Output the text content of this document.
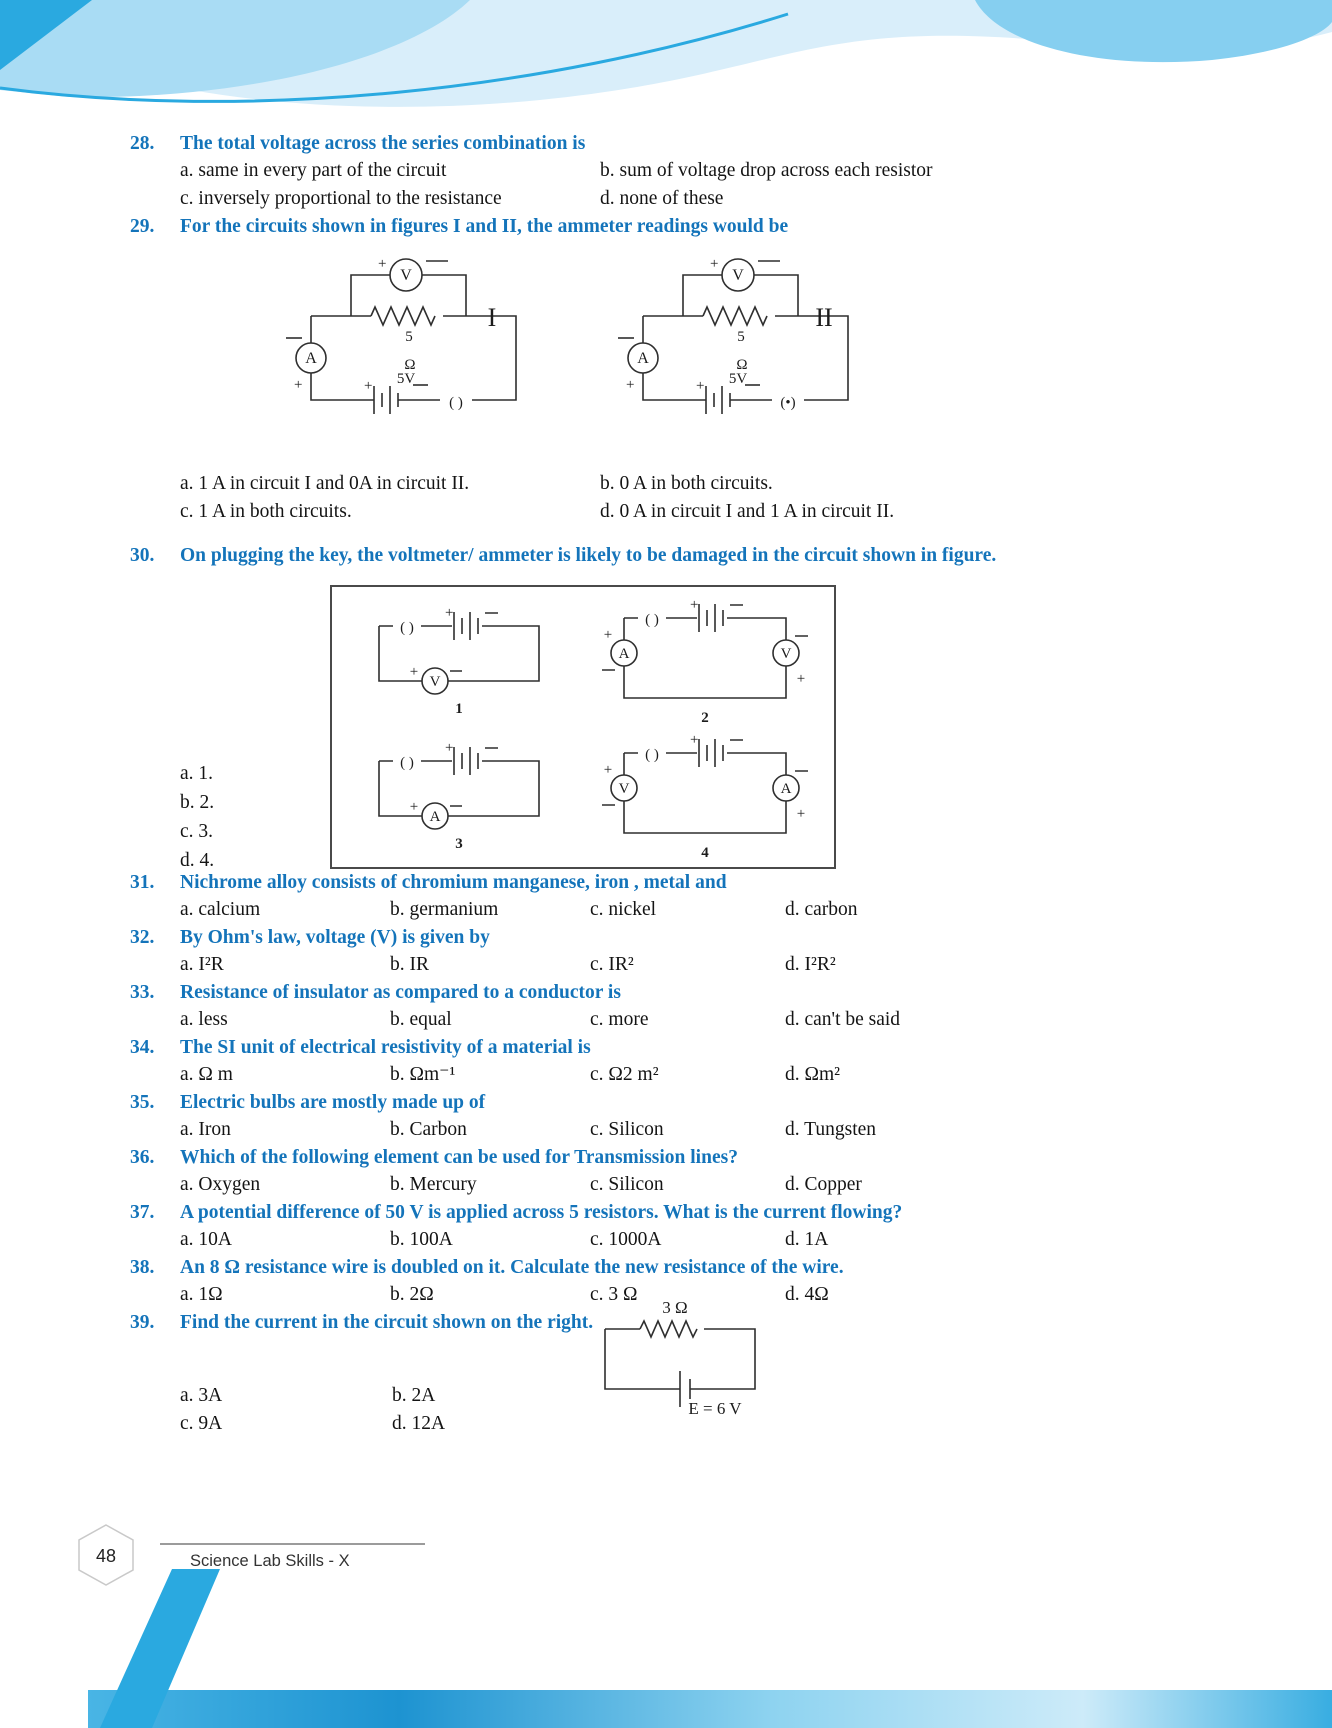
28. The total voltage across the series combination is
a. same in every part of the circuit	b. sum of voltage drop across each resistor
c. inversely proportional to the resistance	d. none of these
29. For the circuits shown in figures I and II, the ammeter readings would be
+
V
+
A
5
Ω
5V
+
( )
I
+
V
+
A
5
Ω
5V
+
(•)
II
a. 1 A in circuit I and 0A in circuit II.	b. 0 A in both circuits.
c. 1 A in both circuits.	d. 0 A in circuit I and 1 A in circuit II.
30. On plugging the key, the voltmeter/ ammeter is likely to be damaged in the circuit shown in figure.
a. 1.
b. 2.
c. 3.
d. 4.
( )
+
V
+
1
( )
+
A
+
V
+
2
( )
+
A
+
3
( )
+
V
+
A
+
4
31. Nichrome alloy consists of chromium manganese, iron , metal and
a. calcium	b. germanium	c. nickel	d. carbon
32. By Ohm's law, voltage (V) is given by
a. I²R	b. IR	c. IR²	d. I²R²
33. Resistance of insulator as compared to a conductor is
a. less	b. equal	c. more	d. can't be said
34. The SI unit of electrical resistivity of a material is
a. Ω m	b. Ωm⁻¹	c. Ω2 m²	d. Ωm²
35. Electric bulbs are mostly made up of
a. Iron	b. Carbon	c. Silicon	d. Tungsten
36. Which of the following element can be used for Transmission lines?
a. Oxygen	b. Mercury	c. Silicon	d. Copper
37. A potential difference of 50 V is applied across 5 resistors. What is the current flowing?
a. 10A	b. 100A	c. 1000A	d. 1A
38. An 8 Ω resistance wire is doubled on it. Calculate the new resistance of the wire.
a. 1Ω	b. 2Ω	c. 3 Ω	d. 4Ω
39. Find the current in the circuit shown on the right.
3 Ω
E = 6 V
a. 3A	b. 2A
c. 9A	d. 12A
48	Science Lab Skills - X
